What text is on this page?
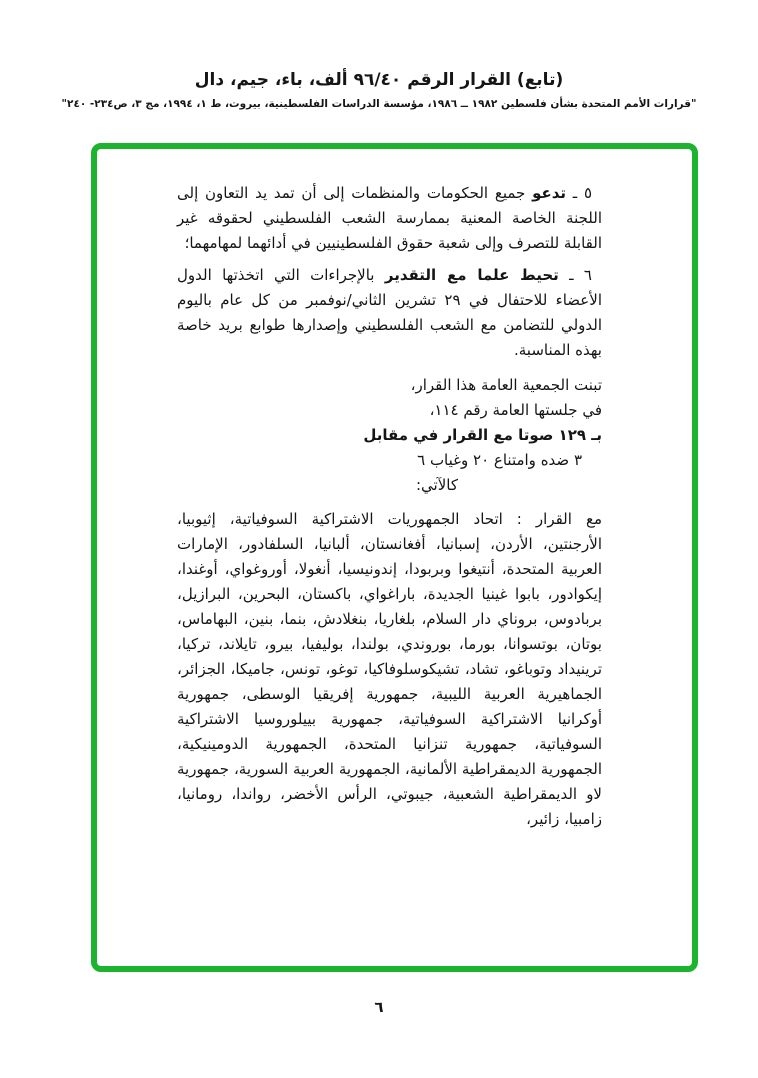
(تابع) القرار الرقم ٩٦/٤٠ ألف، باء، جيم، دال
"قرارات الأمم المتحدة بشأن فلسطين ١٩٨٢ ــ ١٩٨٦، مؤسسة الدراسات الفلسطينية، بيروت، ط ١، ١٩٩٤، مج ٣، ص٢٣٤- ٢٤٠"

٥ ـ تدعو جميع الحكومات والمنظمات إلى أن تمد يد التعاون إلى اللجنة الخاصة المعنية بممارسة الشعب الفلسطيني لحقوقه غير القابلة للتصرف وإلى شعبة حقوق الفلسطينيين في أدائهما لمهامهما؛

٦ ـ تحيط علما مع التقدير بالإجراءات التي اتخذتها الدول الأعضاء للاحتفال في ٢٩ تشرين الثاني/نوفمبر من كل عام باليوم الدولي للتضامن مع الشعب الفلسطيني وإصدارها طوابع بريد خاصة بهذه المناسبة.

تبنت الجمعية العامة هذا القرار،
في جلستها العامة رقم ١١٤،
بـ ١٢٩ صوتا مع القرار في مقابل
٣ ضده وامتناع ٢٠ وغياب ٦
كالآتي:

مع القرار :اتحاد الجمهوريات الاشتراكية السوفياتية، إثيوبيا، الأرجنتين، الأردن، إسبانيا، أفغانستان، ألبانيا، السلفادور، الإمارات العربية المتحدة، أنتيغوا وبربودا، إندونيسيا، أنغولا، أوروغواي، أوغندا، إيكوادور، بابوا غينيا الجديدة، باراغواي، باكستان، البحرين، البرازيل، بربادوس، بروناي دار السلام، بلغاريا، بنغلادش، بنما، بنين، البهاماس، بوتان، بوتسوانا، بورما، بوروندي، بولندا، بوليفيا، بيرو، تايلاند، تركيا، ترينيداد وتوباغو، تشاد، تشيكوسلوفاكيا، توغو، تونس، جاميكا، الجزائر، الجماهيرية العربية الليبية، جمهورية إفريقيا الوسطى، جمهورية أوكرانيا الاشتراكية السوفياتية، جمهورية بييلوروسيا الاشتراكية السوفياتية، جمهورية تنزانيا المتحدة، الجمهورية الدومينيكية، الجمهورية الديمقراطية الألمانية، الجمهورية العربية السورية، جمهورية لاو الديمقراطية الشعبية، جيبوتي، الرأس الأخضر، رواندا، رومانيا، زامبيا، زائير،

٦
